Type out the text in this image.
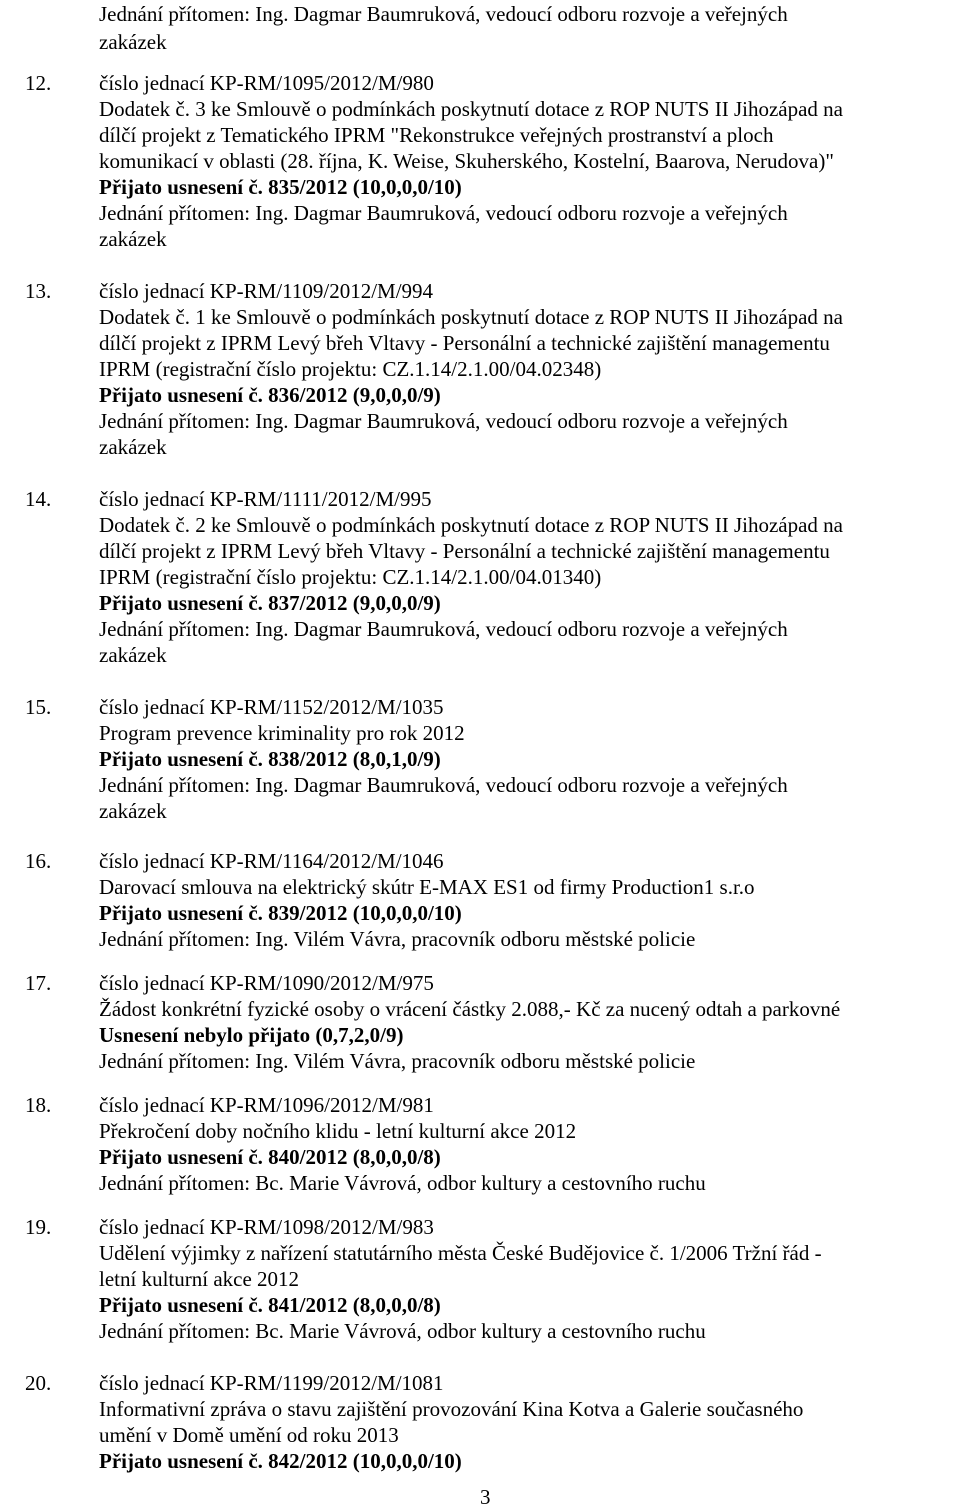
Jednání přítomen: Ing. Dagmar Baumruková, vedoucí odboru rozvoje a veřejných
zakázek
12. číslo jednací KP-RM/1095/2012/M/980
Dodatek č. 3 ke Smlouvě o podmínkách poskytnutí dotace z ROP NUTS II Jihozápad na
dílčí projekt z Tematického IPRM "Rekonstrukce veřejných prostranství a ploch
komunikací v oblasti (28. října, K. Weise, Skuherského, Kostelní, Baarova, Nerudova)"
Přijato usnesení č. 835/2012 (10,0,0,0/10)
Jednání přítomen: Ing. Dagmar Baumruková, vedoucí odboru rozvoje a veřejných
zakázek
13. číslo jednací KP-RM/1109/2012/M/994
Dodatek č. 1 ke Smlouvě o podmínkách poskytnutí dotace z ROP NUTS II Jihozápad na
dílčí projekt z IPRM Levý břeh Vltavy - Personální a technické zajištění managementu
IPRM (registrační číslo projektu: CZ.1.14/2.1.00/04.02348)
Přijato usnesení č. 836/2012 (9,0,0,0/9)
Jednání přítomen: Ing. Dagmar Baumruková, vedoucí odboru rozvoje a veřejných
zakázek
14. číslo jednací KP-RM/1111/2012/M/995
Dodatek č. 2 ke Smlouvě o podmínkách poskytnutí dotace z ROP NUTS II Jihozápad na
dílčí projekt z IPRM Levý břeh Vltavy - Personální a technické zajištění managementu
IPRM (registrační číslo projektu: CZ.1.14/2.1.00/04.01340)
Přijato usnesení č. 837/2012 (9,0,0,0/9)
Jednání přítomen: Ing. Dagmar Baumruková, vedoucí odboru rozvoje a veřejných
zakázek
15. číslo jednací KP-RM/1152/2012/M/1035
Program prevence kriminality pro rok 2012
Přijato usnesení č. 838/2012 (8,0,1,0/9)
Jednání přítomen: Ing. Dagmar Baumruková, vedoucí odboru rozvoje a veřejných
zakázek
16. číslo jednací KP-RM/1164/2012/M/1046
Darovací smlouva na elektrický skútr E-MAX ES1 od firmy Production1 s.r.o
Přijato usnesení č. 839/2012 (10,0,0,0/10)
Jednání přítomen: Ing. Vilém Vávra, pracovník odboru městské policie
17. číslo jednací KP-RM/1090/2012/M/975
Žádost konkrétní fyzické osoby o vrácení částky 2.088,- Kč za nucený odtah a parkovné
Usnesení nebylo přijato (0,7,2,0/9)
Jednání přítomen: Ing. Vilém Vávra, pracovník odboru městské policie
18. číslo jednací KP-RM/1096/2012/M/981
Překročení doby nočního klidu - letní kulturní akce 2012
Přijato usnesení č. 840/2012 (8,0,0,0/8)
Jednání přítomen: Bc. Marie Vávrová, odbor kultury a cestovního ruchu
19. číslo jednací KP-RM/1098/2012/M/983
Udělení výjimky z nařízení statutárního města České Budějovice č. 1/2006 Tržní řád -
letní kulturní akce 2012
Přijato usnesení č. 841/2012 (8,0,0,0/8)
Jednání přítomen: Bc. Marie Vávrová, odbor kultury a cestovního ruchu
20. číslo jednací KP-RM/1199/2012/M/1081
Informativní zpráva o stavu zajištění provozování Kina Kotva a Galerie současného
umění v Domě umění od roku 2013
Přijato usnesení č. 842/2012 (10,0,0,0/10)
3
